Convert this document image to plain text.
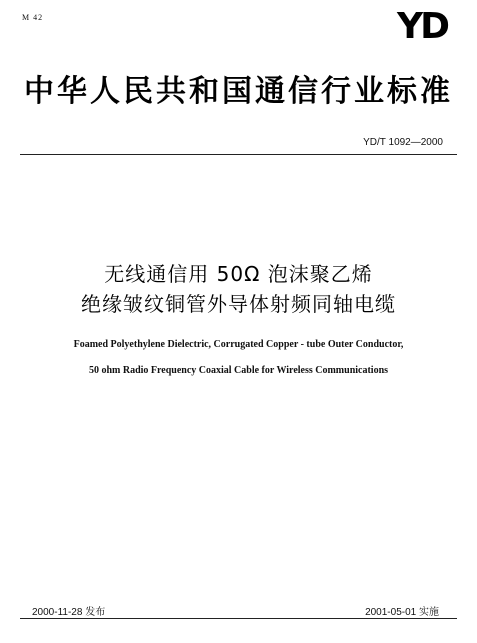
M 42	YD
中华人民共和国通信行业标准
YD/T 1092—2000
无线通信用 50Ω 泡沫聚乙烯
绝缘皱纹铜管外导体射频同轴电缆
Foamed Polyethylene Dielectric, Corrugated Copper - tube Outer Conductor,
50 ohm Radio Frequency Coaxial Cable for Wireless Communications
2000-11-28 发布	2001-05-01 实施
